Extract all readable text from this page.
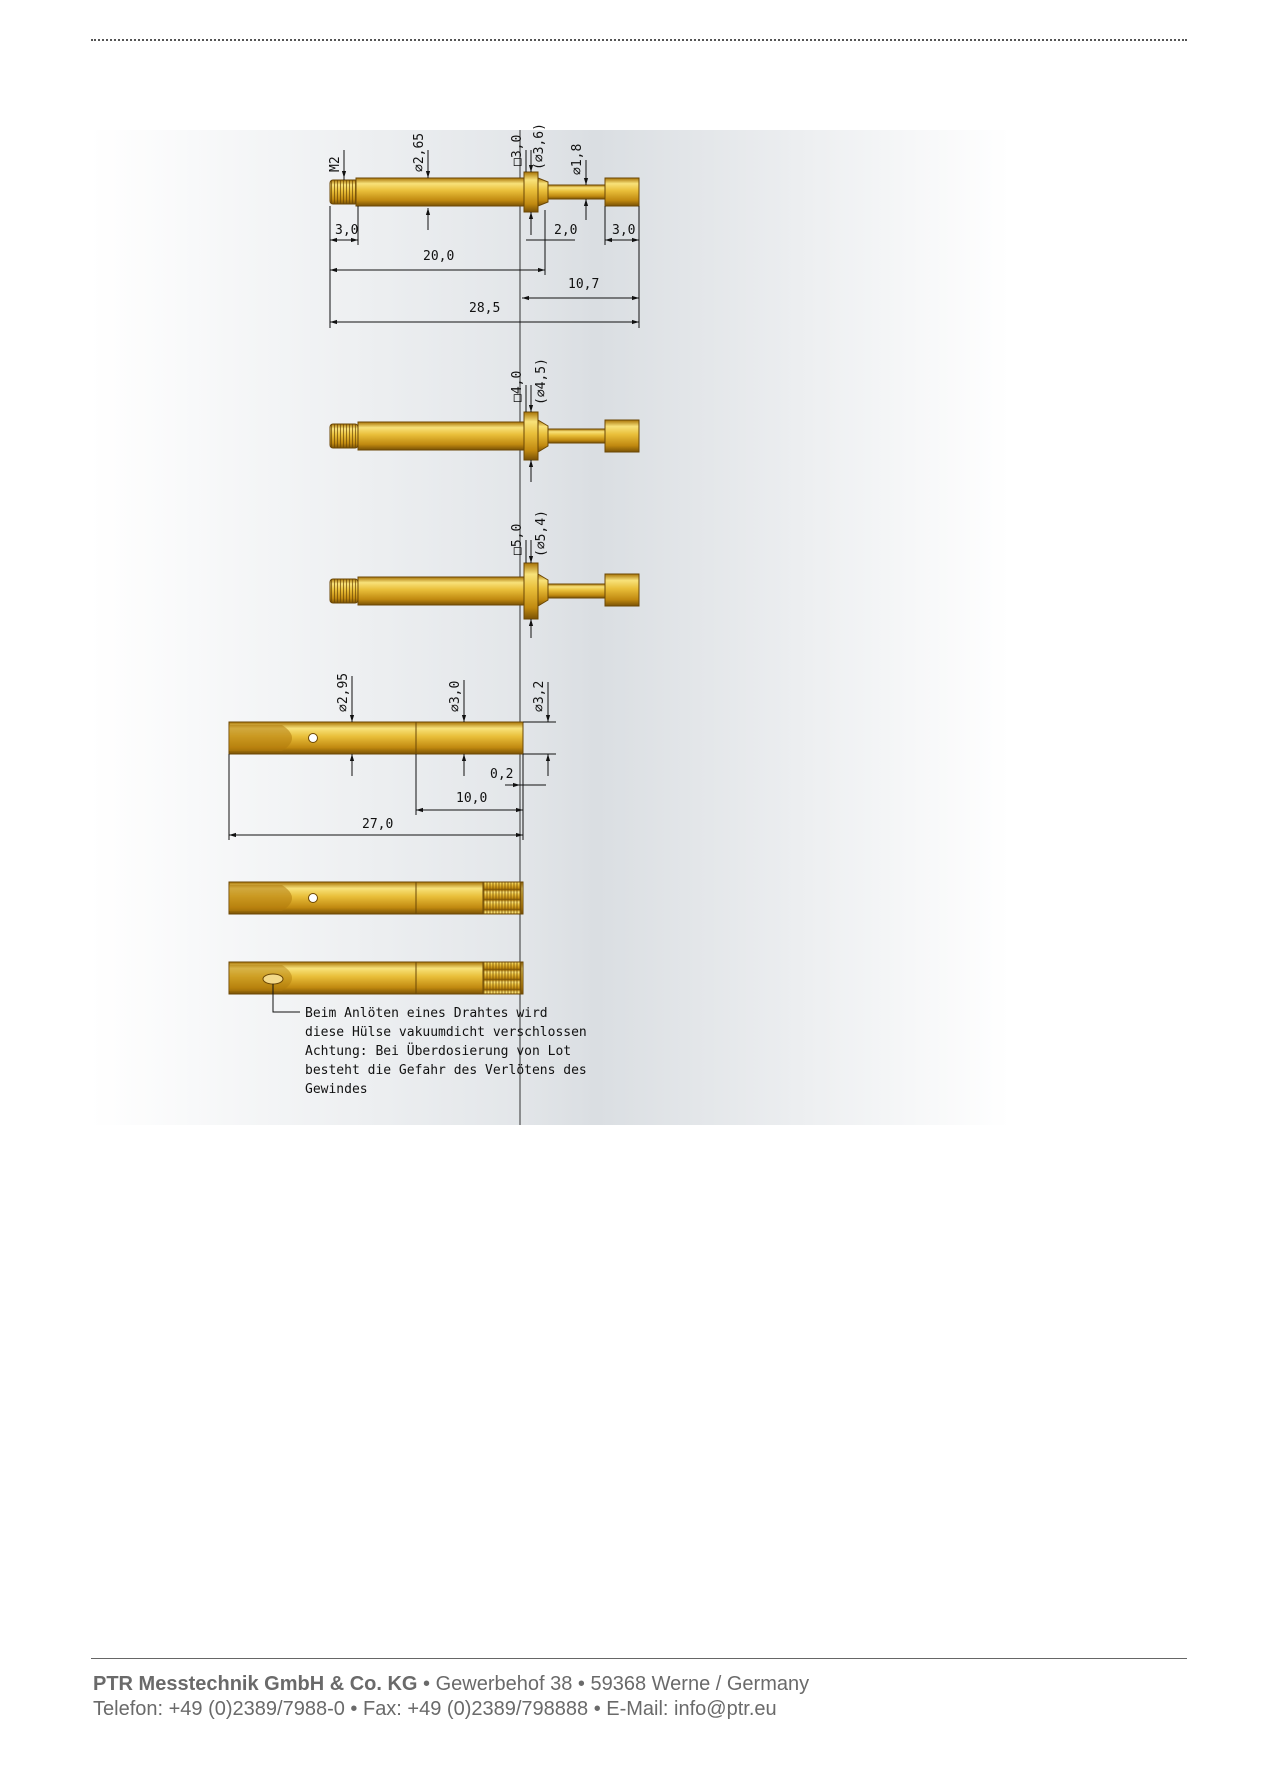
M2	⌀2,65	□3,0 (⌀3,6) ⌀1,8
3,0	2,0	3,0
20,0
10,7
28,5
□4,0 (⌀4,5)
□5,0 (⌀5,4)
⌀2,95	⌀3,0	⌀3,2
0,2
10,0
27,0
Beim Anlöten eines Drahtes wird
diese Hülse vakuumdicht verschlossen
Achtung: Bei Überdosierung von Lot
besteht die Gefahr des Verlötens des
Gewindes
PTR Messtechnik GmbH & Co. KG • Gewerbehof 38 • 59368 Werne / Germany
Telefon: +49 (0)2389/7988-0 • Fax: +49 (0)2389/798888 • E-Mail: info@ptr.eu
